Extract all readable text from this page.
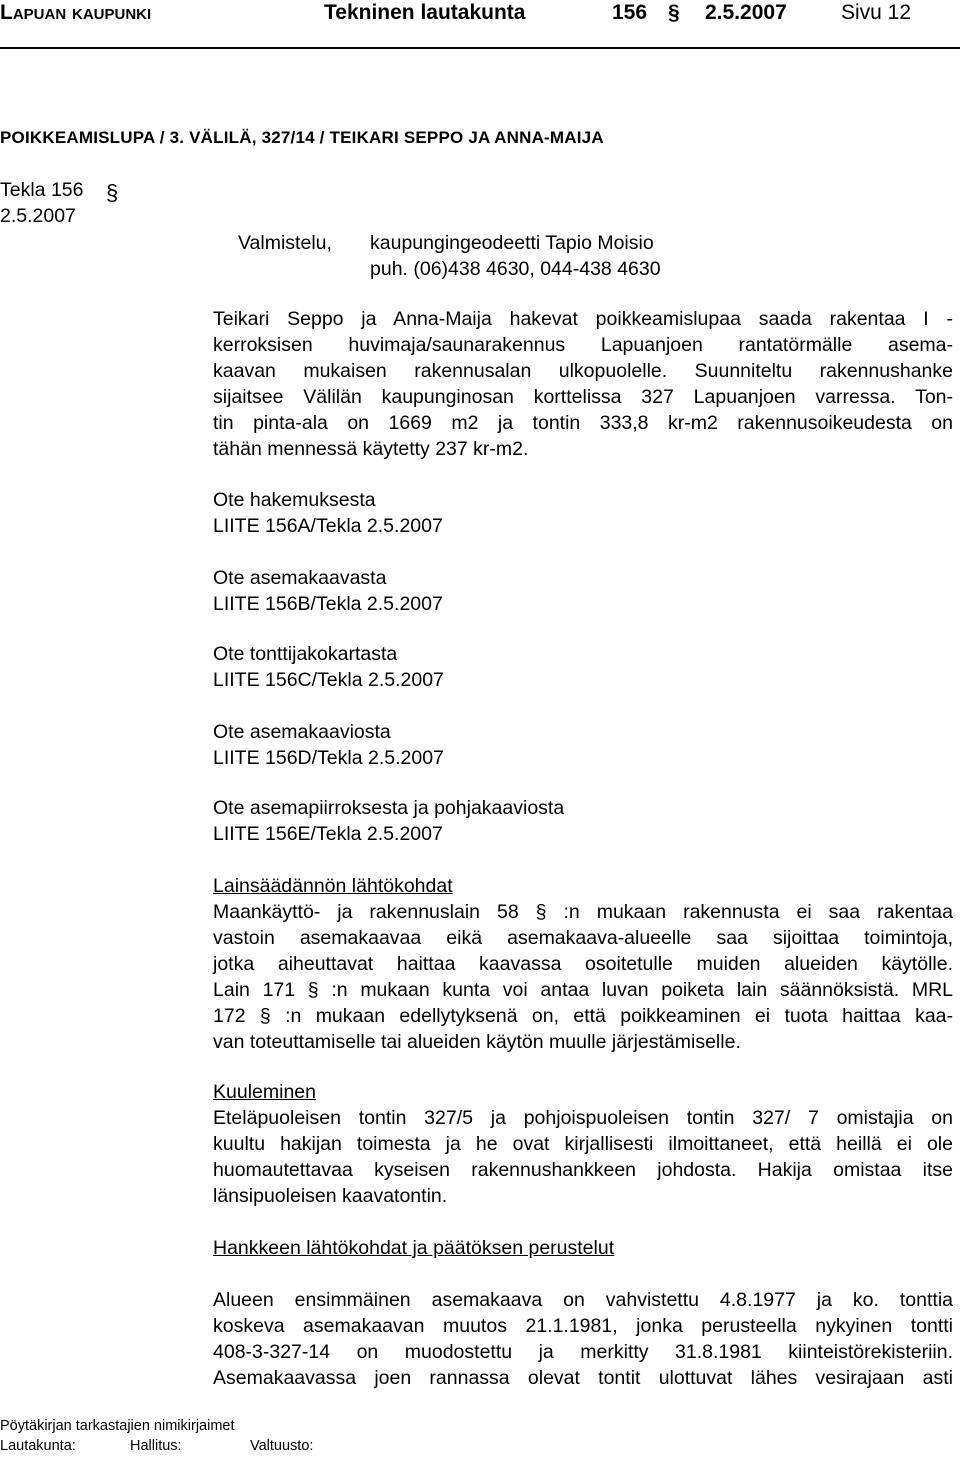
Lapuan kaupunki	Tekninen lautakunta	156 § 2.5.2007	Sivu 12
POIKKEAMISLUPA / 3. VÄLILÄ, 327/14 / TEIKARI SEPPO JA ANNA-MAIJA
Tekla 156 §
2.5.2007
Valmistelu, kaupungingeodeetti Tapio Moisio
puh. (06)438 4630, 044-438 4630
Teikari Seppo ja Anna-Maija hakevat poikkeamislupaa saada rakentaa I -
kerroksisen huvimaja/saunarakennus Lapuanjoen rantatörmälle asema-
kaavan mukaisen rakennusalan ulkopuolelle. Suunniteltu rakennushanke
sijaitsee Välilän kaupunginosan korttelissa 327 Lapuanjoen varressa. Ton-
tin pinta-ala on 1669 m2 ja tontin 333,8 kr-m2 rakennusoikeudesta on
tähän mennessä käytetty 237 kr-m2.
Ote hakemuksesta
LIITE 156A/Tekla 2.5.2007
Ote asemakaavasta
LIITE 156B/Tekla 2.5.2007
Ote tonttijakokartasta
LIITE 156C/Tekla 2.5.2007
Ote asemakaaviosta
LIITE 156D/Tekla 2.5.2007
Ote asemapiirroksesta ja pohjakaaviosta
LIITE 156E/Tekla 2.5.2007
Lainsäädännön lähtökohdat
Maankäyttö- ja rakennuslain 58 § :n mukaan rakennusta ei saa rakentaa
vastoin asemakaavaa eikä asemakaava-alueelle saa sijoittaa toimintoja,
jotka aiheuttavat haittaa kaavassa osoitetulle muiden alueiden käytölle.
Lain 171 § :n mukaan kunta voi antaa luvan poiketa lain säännöksistä. MRL
172 § :n mukaan edellytyksenä on, että poikkeaminen ei tuota haittaa kaa-
van toteuttamiselle tai alueiden käytön muulle järjestämiselle.
Kuuleminen
Eteläpuoleisen tontin 327/5 ja pohjoispuoleisen tontin 327/ 7 omistajia on
kuultu hakijan toimesta ja he ovat kirjallisesti ilmoittaneet, että heillä ei ole
huomautettavaa kyseisen rakennushankkeen johdosta. Hakija omistaa itse
länsipuoleisen kaavatontin.
Hankkeen lähtökohdat ja päätöksen perustelut
Alueen ensimmäinen asemakaava on vahvistettu 4.8.1977 ja ko. tonttia
koskeva asemakaavan muutos 21.1.1981, jonka perusteella nykyinen tontti
408-3-327-14 on muodostettu ja merkitty 31.8.1981 kiinteistörekisteriin.
Asemakaavassa joen rannassa olevat tontit ulottuvat lähes vesirajaan asti
Pöytäkirjan tarkastajien nimikirjaimet
Lautakunta:	Hallitus:	Valtuusto:
